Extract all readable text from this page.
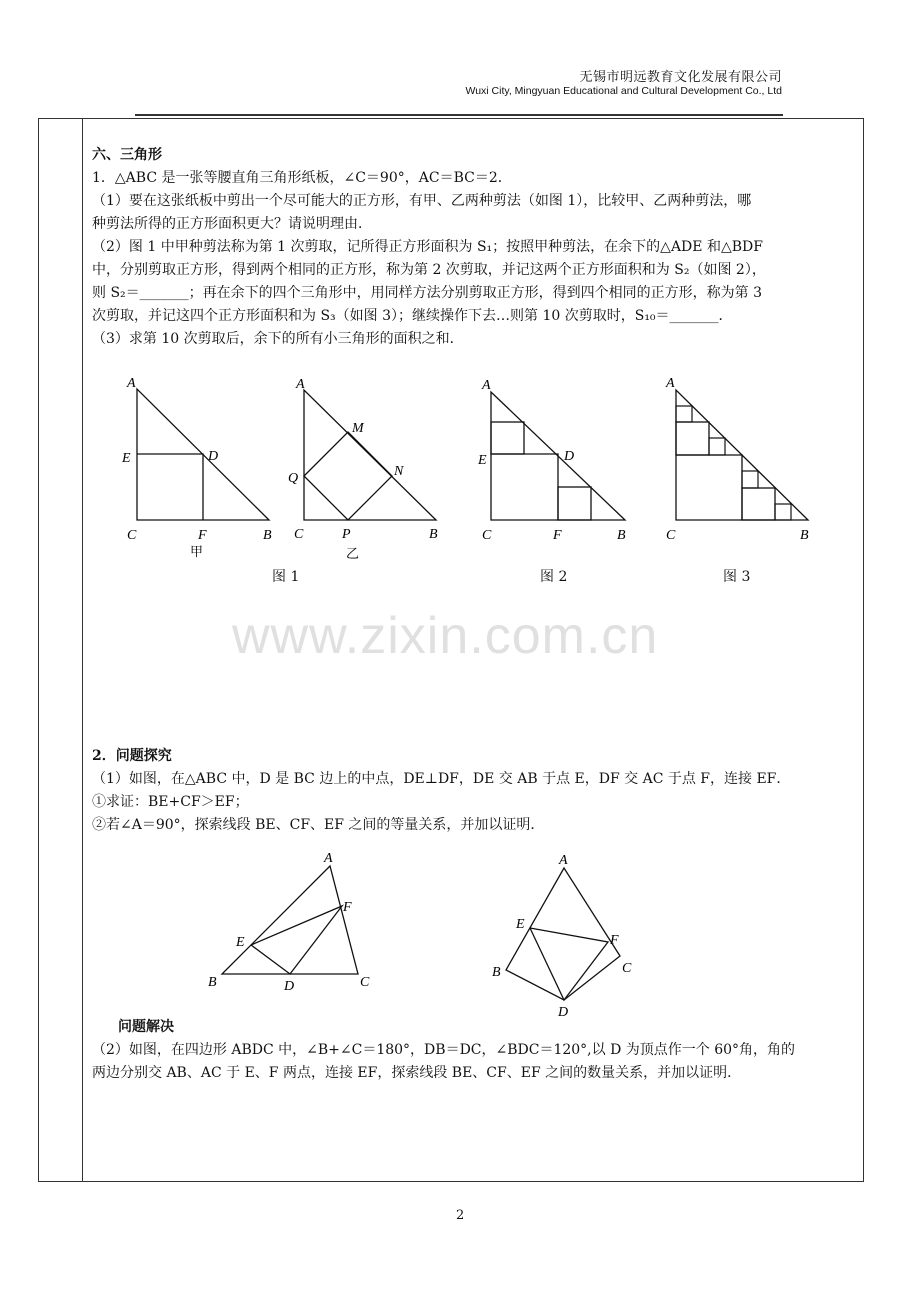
无锡市明远教育文化发展有限公司
Wuxi City, Mingyuan Educational and Cultural Development Co., Ltd
www.zixin.com.cn
六、三角形
1．△ABC 是一张等腰直角三角形纸板，∠C＝90°，AC＝BC＝2．
（1）要在这张纸板中剪出一个尽可能大的正方形，有甲、乙两种剪法（如图 1），比较甲、乙两种剪法，哪
种剪法所得的正方形面积更大？请说明理由．
（2）图 1 中甲种剪法称为第 1 次剪取，记所得正方形面积为 S₁；按照甲种剪法，在余下的△ADE 和△BDF
中，分别剪取正方形，得到两个相同的正方形，称为第 2 次剪取，并记这两个正方形面积和为 S₂（如图 2），
则 S₂＝_______；再在余下的四个三角形中，用同样方法分别剪取正方形，得到四个相同的正方形，称为第 3
次剪取，并记这四个正方形面积和为 S₃（如图 3）；继续操作下去…则第 10 次剪取时，S₁₀＝_______．
（3）求第 10 次剪取后，余下的所有小三角形的面积之和．
A
E	D
C	F	B
甲
A
M
Q	N
C	P	B
乙
A
E	D
C	F	B
A
C	B
图 1	图 2	图 3
2．问题探究
（1）如图，在△ABC 中，D 是 BC 边上的中点，DE⊥DF，DE 交 AB 于点 E，DF 交 AC 于点 F，连接 EF．
①求证：BE+CF＞EF；
②若∠A＝90°，探索线段 BE、CF、EF 之间的等量关系，并加以证明．
A
F
E
B	D	C
A
E
F
B	C
D
问题解决
（2）如图，在四边形 ABDC 中，∠B+∠C＝180°，DB＝DC，∠BDC＝120°,以 D 为顶点作一个 60°角，角的
两边分别交 AB、AC 于 E、F 两点，连接 EF，探索线段 BE、CF、EF 之间的数量关系，并加以证明．
2
